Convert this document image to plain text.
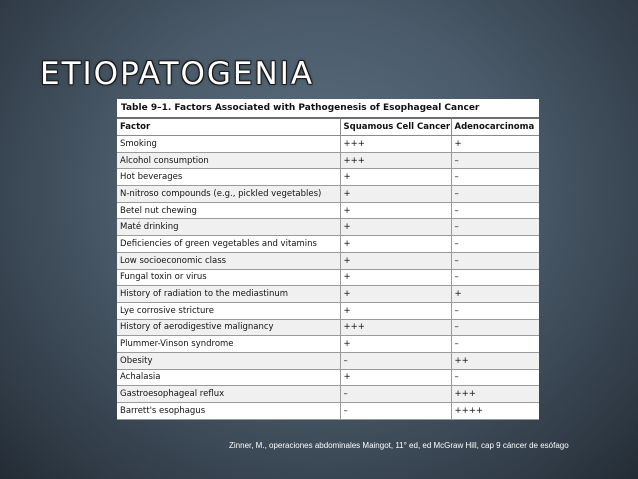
ETIOPATOGENIA
Table 9–1. Factors Associated with Pathogenesis of Esophageal Cancer
Factor	Squamous Cell Cancer	Adenocarcinoma
Smoking	+++	+
Alcohol consumption	+++	–
Hot beverages	+	–
N-nitroso compounds (e.g., pickled vegetables)	+	–
Betel nut chewing	+	–
Maté drinking	+	–
Deficiencies of green vegetables and vitamins	+	–
Low socioeconomic class	+	–
Fungal toxin or virus	+	–
History of radiation to the mediastinum	+	+
Lye corrosive stricture	+	–
History of aerodigestive malignancy	+++	–
Plummer-Vinson syndrome	+	–
Obesity	–	++
Achalasia	+	–
Gastroesophageal reflux	–	+++
Barrett's esophagus	–	++++
Zinner, M., operaciones abdominales Maingot, 11° ed, ed McGraw Hill, cap 9 cáncer de esófago
